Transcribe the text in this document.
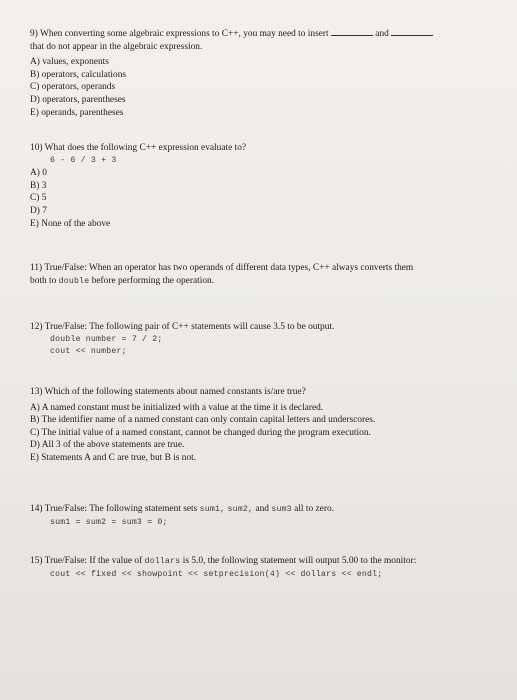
9) When converting some algebraic expressions to C++, you may need to insert	and
that do not appear in the algebraic expression.
A) values, exponents
B) operators, calculations
C) operators, operands
D) operators, parentheses
E) operands, parentheses
10) What does the following C++ expression evaluate to?
6 - 6 / 3 + 3
A) 0
B) 3
C) 5
D) 7
E) None of the above
11) True/False: When an operator has two operands of different data types, C++ always converts them
both to double before performing the operation.
12) True/False: The following pair of C++ statements will cause 3.5 to be output.
double number = 7 / 2;
cout << number;
13) Which of the following statements about named constants is/are true?
A) A named constant must be initialized with a value at the time it is declared.
B) The identifier name of a named constant can only contain capital letters and underscores.
C) The initial value of a named constant, cannot be changed during the program execution.
D) All 3 of the above statements are true.
E) Statements A and C are true, but B is not.
14) True/False: The following statement sets sum1, sum2, and sum3 all to zero.
sum1 = sum2 = sum3 = 0;
15) True/False: If the value of dollars is 5.0, the following statement will output 5.00 to the monitor:
cout << fixed << showpoint << setprecision(4) << dollars << endl;
